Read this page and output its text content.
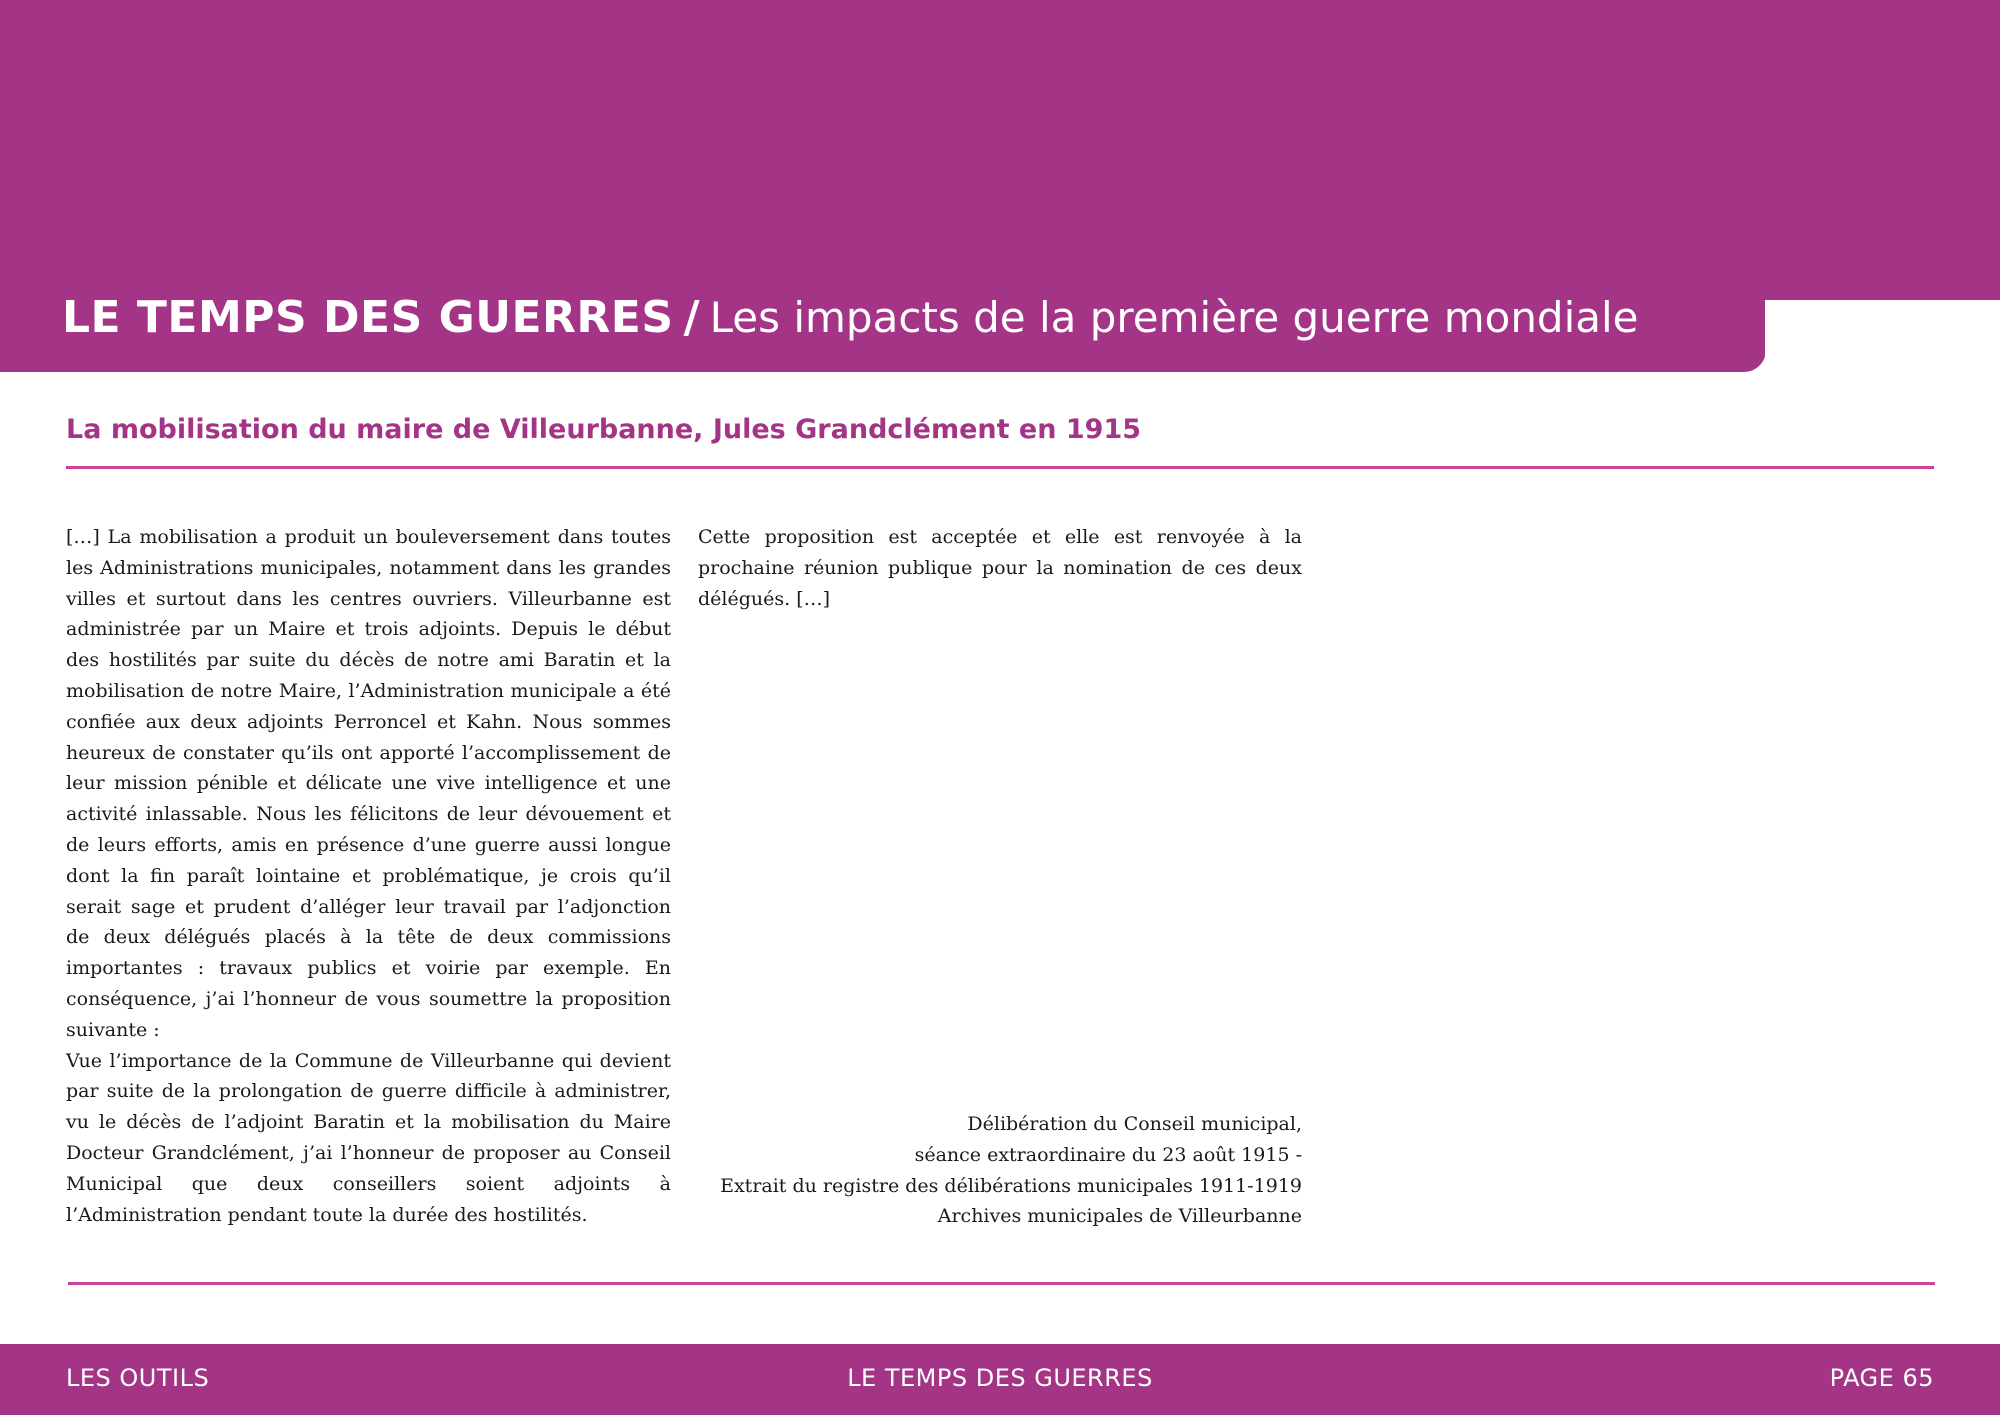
LE TEMPS DES GUERRES / Les impacts de la première guerre mondiale
La mobilisation du maire de Villeurbanne, Jules Grandclément en 1915

[…] La mobilisation a produit un bouleversement dans toutes les Administrations municipales, notamment dans les grandes villes et surtout dans les centres ouvriers. Villeurbanne est administrée par un Maire et trois adjoints. Depuis le début des hostilités par suite du décès de notre ami Baratin et la mobilisation de notre Maire, l’Administration municipale a été confiée aux deux adjoints Perroncel et Kahn. Nous sommes heureux de constater qu’ils ont apporté l’accomplissement de leur mission pénible et délicate une vive intelligence et une activité inlassable. Nous les félicitons de leur dévouement et de leurs efforts, amis en présence d’une guerre aussi longue dont la fin paraît lointaine et problématique, je crois qu’il serait sage et prudent d’alléger leur travail par l’adjonction de deux délégués placés à la tête de deux commissions importantes : travaux publics et voirie par exemple. En conséquence, j’ai l’honneur de vous soumettre la proposition suivante :

Vue l’importance de la Commune de Villeurbanne qui devient par suite de la prolongation de guerre difficile à administrer, vu le décès de l’adjoint Baratin et la mobilisation du Maire Docteur Grandclément, j’ai l’honneur de proposer au Conseil Municipal que deux conseillers soient adjoints à l’Administration pendant toute la durée des hostilités.

Cette proposition est acceptée et elle est renvoyée à la prochaine réunion publique pour la nomination de ces deux délégués. […]

Délibération du Conseil municipal,
séance extraordinaire du 23 août 1915 -
Extrait du registre des délibérations municipales 1911-1919
Archives municipales de Villeurbanne
LES OUTILS	LE TEMPS DES GUERRES	PAGE 65
